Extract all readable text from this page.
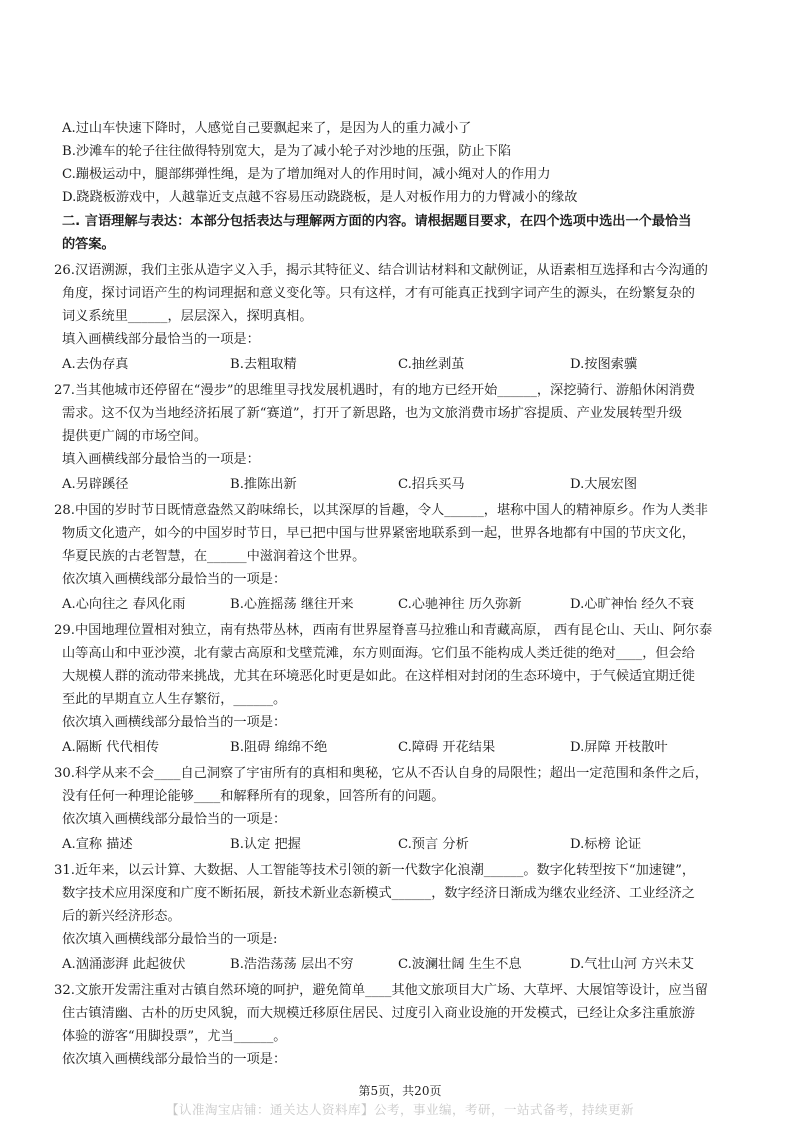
A.过山车快速下降时，人感觉自己要飘起来了，是因为人的重力减小了
B.沙滩车的轮子往往做得特别宽大，是为了减小轮子对沙地的压强，防止下陷
C.蹦极运动中，腿部绑弹性绳，是为了增加绳对人的作用时间，减小绳对人的作用力
D.跷跷板游戏中，人越靠近支点越不容易压动跷跷板，是人对板作用力的力臂减小的缘故
二. 言语理解与表达：本部分包括表达与理解两方面的内容。请根据题目要求，在四个选项中选出一个最恰当
的答案。
26.汉语溯源，我们主张从造字义入手，揭示其特征义、结合训诂材料和文献例证，从语素相互选择和古今沟通的
角度，探讨词语产生的构词理据和意义变化等。只有这样，才有可能真正找到字词产生的源头，在纷繁复杂的
词义系统里______，层层深入，探明真相。
填入画横线部分最恰当的一项是：
A.去伪存真	B.去粗取精	C.抽丝剥茧	D.按图索骥
27.当其他城市还停留在“漫步”的思维里寻找发展机遇时，有的地方已经开始______，深挖骑行、游船休闲消费
需求。这不仅为当地经济拓展了新“赛道”，打开了新思路，也为文旅消费市场扩容提质、产业发展转型升级
提供更广阔的市场空间。
填入画横线部分最恰当的一项是：
A.另辟蹊径	B.推陈出新	C.招兵买马	D.大展宏图
28.中国的岁时节日既情意盎然又韵味绵长，以其深厚的旨趣，令人______，堪称中国人的精神原乡。作为人类非
物质文化遗产，如今的中国岁时节日，早已把中国与世界紧密地联系到一起，世界各地都有中国的节庆文化，
华夏民族的古老智慧，在______中滋润着这个世界。
依次填入画横线部分最恰当的一项是：
A.心向往之 春风化雨	B.心旌摇荡 继往开来	C.心驰神往 历久弥新	D.心旷神怡 经久不衰
29.中国地理位置相对独立，南有热带丛林，西南有世界屋脊喜马拉雅山和青藏高原， 西有昆仑山、天山、阿尔泰
山等高山和中亚沙漠，北有蒙古高原和戈壁荒滩，东方则面海。它们虽不能构成人类迁徙的绝对____，但会给
大规模人群的流动带来挑战，尤其在环境恶化时更是如此。在这样相对封闭的生态环境中，于气候适宜期迁徙
至此的早期直立人生存繁衍，______。
依次填入画横线部分最恰当的一项是：
A.隔断 代代相传	B.阻碍 绵绵不绝	C.障碍 开花结果	D.屏障 开枝散叶
30.科学从来不会____自己洞察了宇宙所有的真相和奥秘，它从不否认自身的局限性；超出一定范围和条件之后，
没有任何一种理论能够____和解释所有的现象，回答所有的问题。
依次填入画横线部分最恰当的一项是：
A.宣称 描述	B.认定 把握	C.预言 分析	D.标榜 论证
31.近年来，以云计算、大数据、人工智能等技术引领的新一代数字化浪潮______。数字化转型按下“加速键”，
数字技术应用深度和广度不断拓展，新技术新业态新模式______，数字经济日渐成为继农业经济、工业经济之
后的新兴经济形态。
依次填入画横线部分最恰当的一项是:
A.汹涌澎湃 此起彼伏	B.浩浩荡荡 层出不穷	C.波澜壮阔 生生不息	D.气壮山河 方兴未艾
32.文旅开发需注重对古镇自然环境的呵护，避免简单____其他文旅项目大广场、大草坪、大展馆等设计，应当留
住古镇清幽、古朴的历史风貌，而大规模迁移原住居民、过度引入商业设施的开发模式，已经让众多注重旅游
体验的游客“用脚投票”，尤当______。
依次填入画横线部分最恰当的一项是：
第5页，共20页
【认准淘宝店铺：通关达人资料库】公考，事业编，考研，一站式备考，持续更新
